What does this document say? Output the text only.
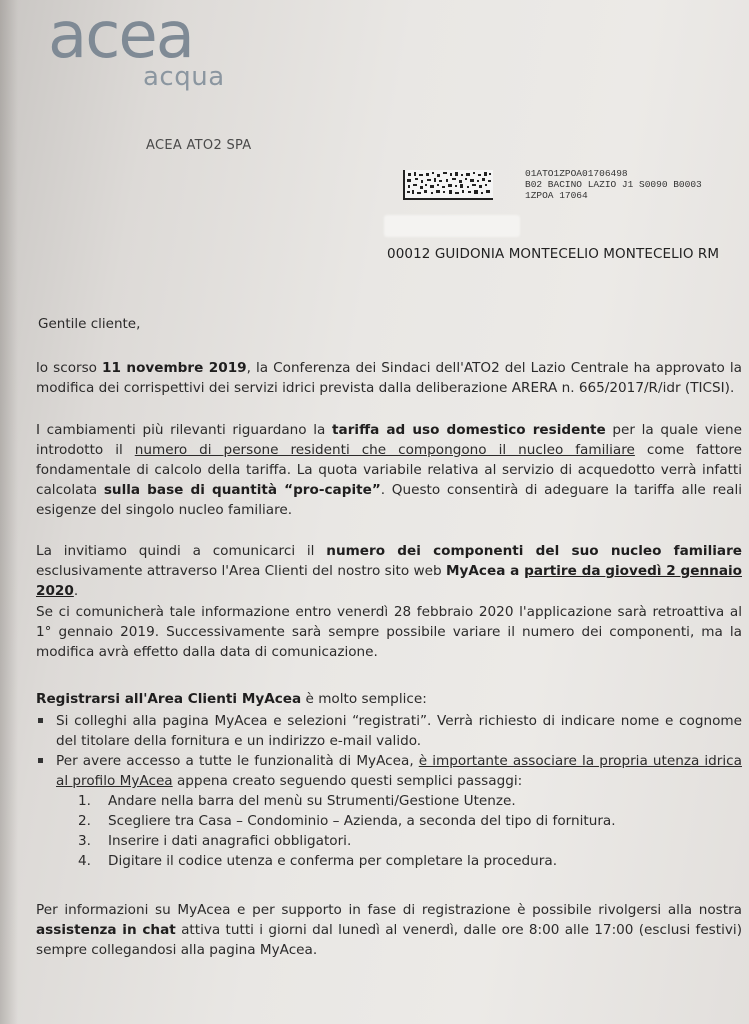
acea
acqua
ACEA ATO2 SPA
01ATO1ZPOA01706498
B02 BACINO LAZIO J1 S0090 B0003
1ZPOA 17064
00012 GUIDONIA MONTECELIO MONTECELIO RM
Gentile cliente,
lo scorso 11 novembre 2019, la Conferenza dei Sindaci dell'ATO2 del Lazio Centrale ha approvato la modifica dei corrispettivi dei servizi idrici prevista dalla deliberazione ARERA n. 665/2017/R/idr (TICSI).
I cambiamenti più rilevanti riguardano la tariffa ad uso domestico residente per la quale viene introdotto il numero di persone residenti che compongono il nucleo familiare come fattore fondamentale di calcolo della tariffa. La quota variabile relativa al servizio di acquedotto verrà infatti calcolata sulla base di quantità “pro-capite”. Questo consentirà di adeguare la tariffa alle reali esigenze del singolo nucleo familiare.
La invitiamo quindi a comunicarci il numero dei componenti del suo nucleo familiare esclusivamente attraverso l'Area Clienti del nostro sito web MyAcea a partire da giovedì 2 gennaio 2020.
Se ci comunicherà tale informazione entro venerdì 28 febbraio 2020 l'applicazione sarà retroattiva al 1° gennaio 2019. Successivamente sarà sempre possibile variare il numero dei componenti, ma la modifica avrà effetto dalla data di comunicazione.
Registrarsi all'Area Clienti MyAcea è molto semplice:
Si colleghi alla pagina MyAcea e selezioni “registrati”. Verrà richiesto di indicare nome e cognome del titolare della fornitura e un indirizzo e-mail valido.
Per avere accesso a tutte le funzionalità di MyAcea, è importante associare la propria utenza idrica al profilo MyAcea appena creato seguendo questi semplici passaggi:
1. Andare nella barra del menù su Strumenti/Gestione Utenze.
2. Scegliere tra Casa – Condominio – Azienda, a seconda del tipo di fornitura.
3. Inserire i dati anagrafici obbligatori.
4. Digitare il codice utenza e conferma per completare la procedura.
Per informazioni su MyAcea e per supporto in fase di registrazione è possibile rivolgersi alla nostra assistenza in chat attiva tutti i giorni dal lunedì al venerdì, dalle ore 8:00 alle 17:00 (esclusi festivi) sempre collegandosi alla pagina MyAcea.
